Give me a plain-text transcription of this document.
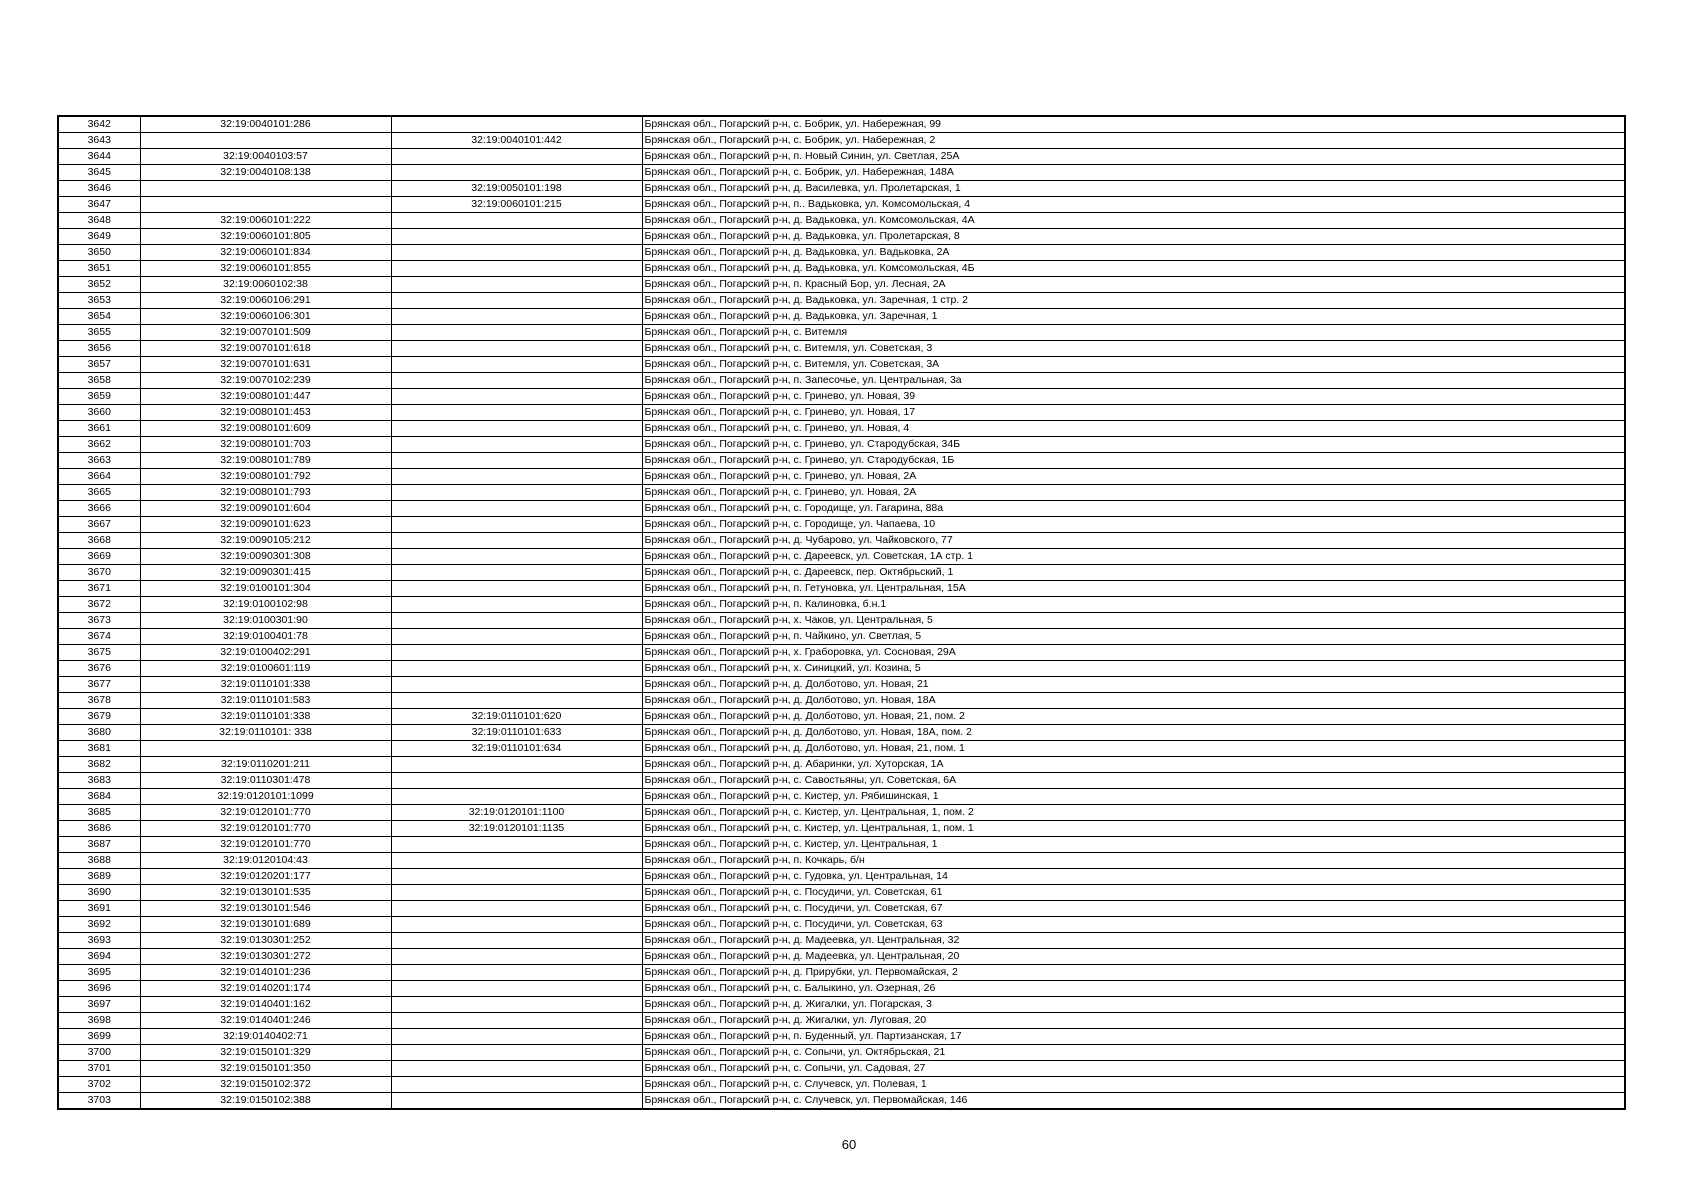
3642	32:19:0040101:286		Брянская обл., Погарский р-н, с. Бобрик, ул. Набережная, 99
3643		32:19:0040101:442	Брянская обл., Погарский р-н, с. Бобрик, ул. Набережная, 2
3644	32:19:0040103:57		Брянская обл., Погарский р-н, п. Новый Синин, ул. Светлая, 25А
3645	32:19:0040108:138		Брянская обл., Погарский р-н, с. Бобрик, ул. Набережная, 148А
3646		32:19:0050101:198	Брянская обл., Погарский р-н, д. Василевка, ул. Пролетарская, 1
3647		32:19:0060101:215	Брянская обл., Погарский р-н, п.. Вадьковка, ул. Комсомольская, 4
3648	32:19:0060101:222		Брянская обл., Погарский р-н, д. Вадьковка, ул. Комсомольская, 4А
3649	32:19:0060101:805		Брянская обл., Погарский р-н, д. Вадьковка, ул. Пролетарская, 8
3650	32:19:0060101:834		Брянская обл., Погарский р-н, д. Вадьковка, ул. Вадьковка, 2А
3651	32:19:0060101:855		Брянская обл., Погарский р-н, д. Вадьковка, ул. Комсомольская, 4Б
3652	32:19:0060102:38		Брянская обл., Погарский р-н, п. Красный Бор, ул. Лесная, 2А
3653	32:19:0060106:291		Брянская обл., Погарский р-н, д. Вадьковка, ул. Заречная, 1 стр. 2
3654	32:19:0060106:301		Брянская обл., Погарский р-н, д. Вадьковка, ул. Заречная, 1
3655	32:19:0070101:509		Брянская обл., Погарский р-н, с. Витемля
3656	32:19:0070101:618		Брянская обл., Погарский р-н, с. Витемля, ул. Советская, 3
3657	32:19:0070101:631		Брянская обл., Погарский р-н, с. Витемля, ул. Советская, 3А
3658	32:19:0070102:239		Брянская обл., Погарский р-н, п. Запесочье, ул. Центральная, 3а
3659	32:19:0080101:447		Брянская обл., Погарский р-н, с. Гринево, ул. Новая, 39
3660	32:19:0080101:453		Брянская обл., Погарский р-н, с. Гринево, ул. Новая, 17
3661	32:19:0080101:609		Брянская обл., Погарский р-н, с. Гринево, ул. Новая, 4
3662	32:19:0080101:703		Брянская обл., Погарский р-н, с. Гринево, ул. Стародубская, 34Б
3663	32:19:0080101:789		Брянская обл., Погарский р-н, с. Гринево, ул. Стародубская, 1Б
3664	32:19:0080101:792		Брянская обл., Погарский р-н, с. Гринево, ул. Новая, 2А
3665	32:19:0080101:793		Брянская обл., Погарский р-н, с. Гринево, ул. Новая, 2А
3666	32:19:0090101:604		Брянская обл., Погарский р-н, с. Городище, ул. Гагарина, 88а
3667	32:19:0090101:623		Брянская обл., Погарский р-н, с. Городище, ул. Чапаева, 10
3668	32:19:0090105:212		Брянская обл., Погарский р-н, д. Чубарово, ул. Чайковского, 77
3669	32:19:0090301:308		Брянская обл., Погарский р-н, с. Дареевск, ул. Советская, 1А стр. 1
3670	32:19:0090301:415		Брянская обл., Погарский р-н, с. Дареевск, пер. Октябрьский, 1
3671	32:19:0100101:304		Брянская обл., Погарский р-н, п. Гетуновка, ул. Центральная, 15А
3672	32:19:0100102:98		Брянская обл., Погарский р-н, п. Калиновка, б.н.1
3673	32:19:0100301:90		Брянская обл., Погарский р-н, х. Чаков, ул. Центральная, 5
3674	32:19:0100401:78		Брянская обл., Погарский р-н, п. Чайкино, ул. Светлая, 5
3675	32:19:0100402:291		Брянская обл., Погарский р-н, х. Граборовка, ул. Сосновая, 29А
3676	32:19:0100601:119		Брянская обл., Погарский р-н, х. Синицкий, ул. Козина, 5
3677	32:19:0110101:338		Брянская обл., Погарский р-н, д. Долботово, ул. Новая, 21
3678	32:19:0110101:583		Брянская обл., Погарский р-н, д. Долботово, ул. Новая, 18А
3679	32:19:0110101:338	32:19:0110101:620	Брянская обл., Погарский р-н, д. Долботово, ул. Новая, 21, пом. 2
3680	32:19:0110101: 338	32:19:0110101:633	Брянская обл., Погарский р-н, д. Долботово, ул. Новая, 18А, пом. 2
3681		32:19:0110101:634	Брянская обл., Погарский р-н, д. Долботово, ул. Новая, 21, пом. 1
3682	32:19:0110201:211		Брянская обл., Погарский р-н, д. Абаринки, ул. Хуторская, 1А
3683	32:19:0110301:478		Брянская обл., Погарский р-н, с. Савостьяны, ул. Советская, 6А
3684	32:19:0120101:1099		Брянская обл., Погарский р-н, с. Кистер, ул. Рябишинская, 1
3685	32:19:0120101:770	32:19:0120101:1100	Брянская обл., Погарский р-н, с. Кистер, ул. Центральная, 1, пом. 2
3686	32:19:0120101:770	32:19:0120101:1135	Брянская обл., Погарский р-н, с. Кистер, ул. Центральная, 1, пом. 1
3687	32:19:0120101:770		Брянская обл., Погарский р-н, с. Кистер, ул. Центральная, 1
3688	32:19:0120104:43		Брянская обл., Погарский р-н, п. Кочкарь, б/н
3689	32:19:0120201:177		Брянская обл., Погарский р-н, с. Гудовка, ул. Центральная, 14
3690	32:19:0130101:535		Брянская обл., Погарский р-н, с. Посудичи, ул. Советская, 61
3691	32:19:0130101:546		Брянская обл., Погарский р-н, с. Посудичи, ул. Советская, 67
3692	32:19:0130101:689		Брянская обл., Погарский р-н, с. Посудичи, ул. Советская, 63
3693	32:19:0130301:252		Брянская обл., Погарский р-н, д. Мадеевка, ул. Центральная, 32
3694	32:19:0130301:272		Брянская обл., Погарский р-н, д. Мадеевка, ул. Центральная, 20
3695	32:19:0140101:236		Брянская обл., Погарский р-н, д. Прирубки, ул. Первомайская, 2
3696	32:19:0140201:174		Брянская обл., Погарский р-н, с. Балыкино, ул. Озерная, 26
3697	32:19:0140401:162		Брянская обл., Погарский р-н, д. Жигалки, ул. Погарская, 3
3698	32:19:0140401:246		Брянская обл., Погарский р-н, д. Жигалки, ул. Луговая, 20
3699	32:19:0140402:71		Брянская обл., Погарский р-н, п. Буденный, ул. Партизанская, 17
3700	32:19:0150101:329		Брянская обл., Погарский р-н, с. Сопычи, ул. Октябрьская, 21
3701	32:19:0150101:350		Брянская обл., Погарский р-н, с. Сопычи, ул. Садовая, 27
3702	32:19:0150102:372		Брянская обл., Погарский р-н, с. Случевск, ул. Полевая, 1
3703	32:19:0150102:388		Брянская обл., Погарский р-н, с. Случевск, ул. Первомайская, 146
60
